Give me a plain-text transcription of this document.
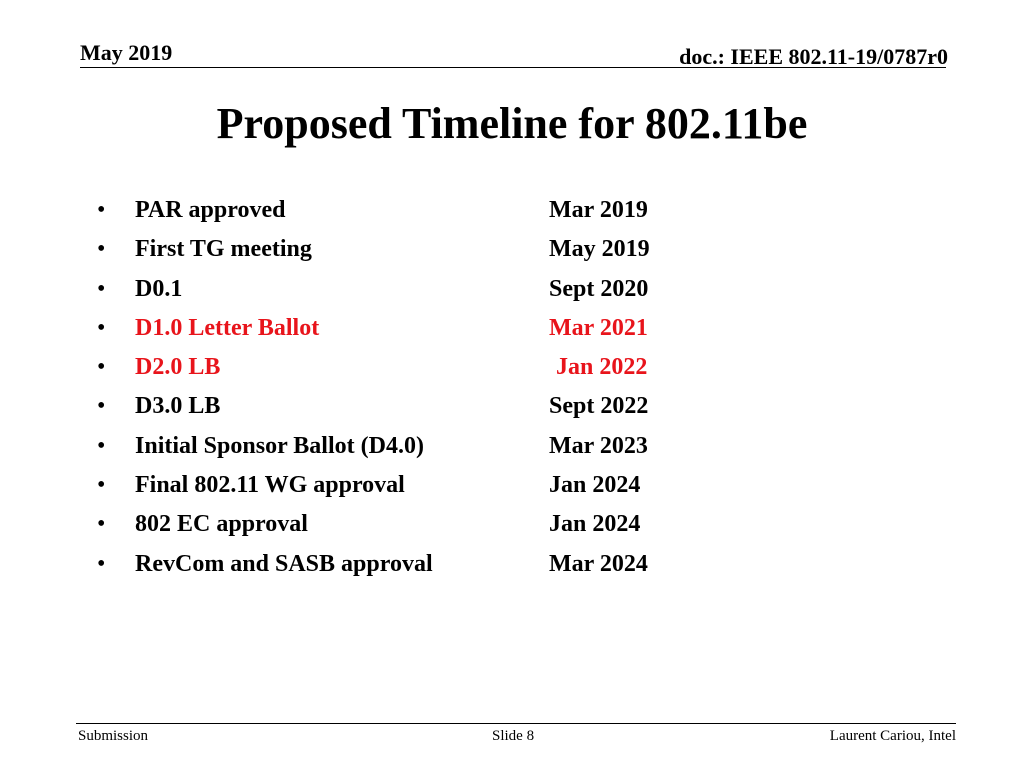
May 2019	doc.: IEEE 802.11-19/0787r0
Proposed Timeline for 802.11be
• PAR approved	Mar 2019
• First TG meeting	May 2019
• D0.1	Sept 2020
• D1.0 Letter Ballot	Mar 2021
• D2.0 LB	Jan 2022
• D3.0 LB	Sept 2022
• Initial Sponsor Ballot (D4.0)	Mar 2023
• Final 802.11 WG approval	Jan 2024
• 802 EC approval	Jan 2024
• RevCom and SASB approval	Mar 2024
Submission	Slide 8	Laurent Cariou, Intel
